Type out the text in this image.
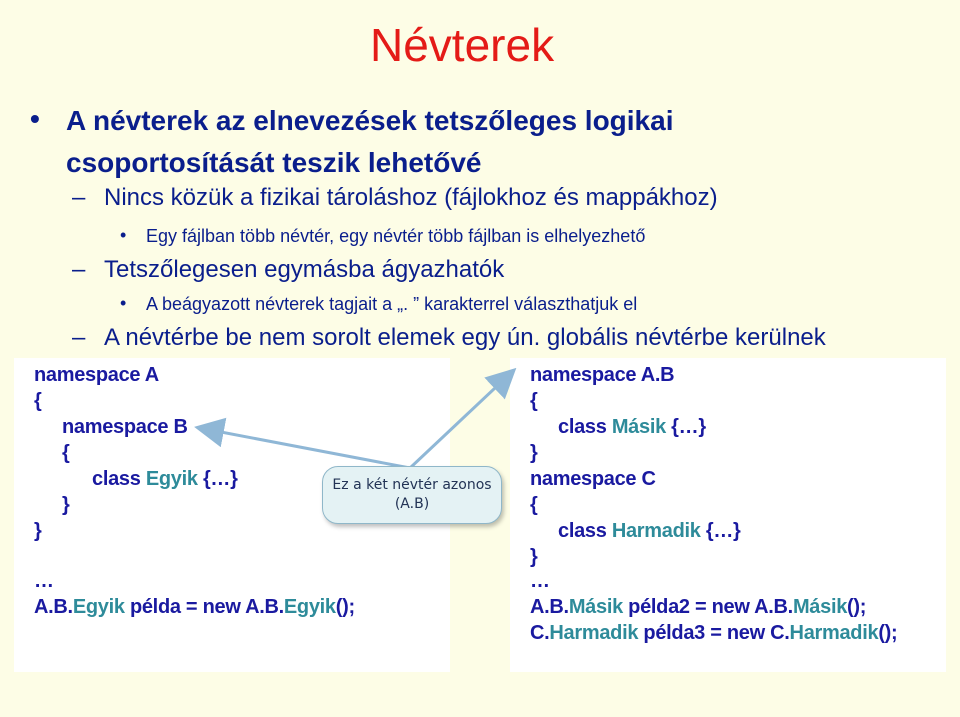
Névterek
• A névterek az elnevezések tetszőleges logikai
csoportosítását teszik lehetővé
– Nincs közük a fizikai tároláshoz (fájlokhoz és mappákhoz)
• Egy fájlban több névtér, egy névtér több fájlban is elhelyezhető
– Tetszőlegesen egymásba ágyazhatók
• A beágyazott névterek tagjait a „. ” karakterrel választhatjuk el
– A névtérbe be nem sorolt elemek egy ún. globális névtérbe kerülnek
namespace A
{
namespace B
{
class Egyik {…}
}
}
…
A.B.Egyik példa = new A.B.Egyik();
namespace A.B
{
class Másik {…}
}
namespace C
{
class Harmadik {…}
}
…
A.B.Másik példa2 = new A.B.Másik();
C.Harmadik példa3 = new C.Harmadik();
Ez a két névtér azonos
(A.B)
